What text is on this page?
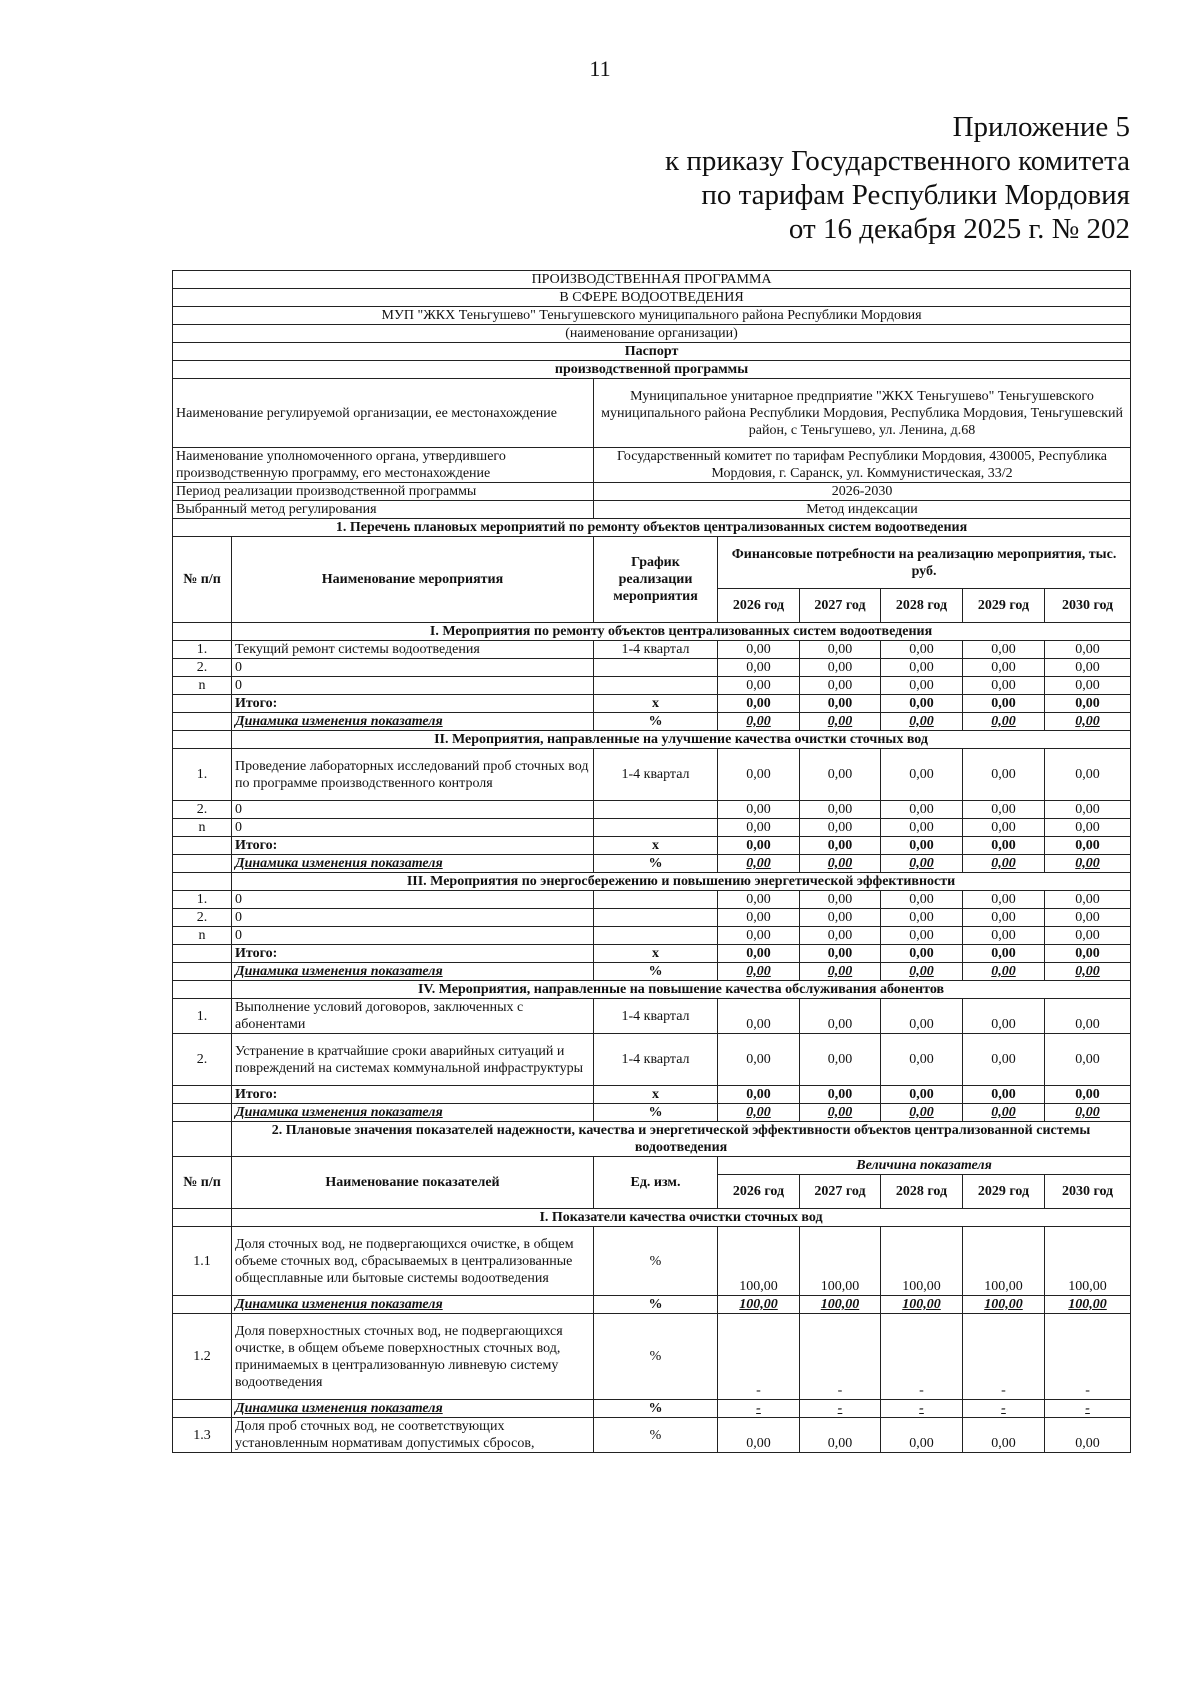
11
Приложение 5
к приказу Государственного комитета
по тарифам Республики Мордовия
от 16 декабря 2025 г. № 202
ПРОИЗВОДСТВЕННАЯ ПРОГРАММА							
В СФЕРЕ ВОДООТВЕДЕНИЯ							
МУП "ЖКХ Теньгушево" Теньгушевского муниципального района Республики Мордовия							
(наименование организации)							
Паспорт							
производственной программы							
Наименование регулируемой организации, ее местонахождение		Муниципальное унитарное предприятие "ЖКХ Теньгушево" Теньгушевского муниципального района Республики Мордовия, Республика Мордовия, Теньгушевский район, с Теньгушево, ул. Ленина, д.68					
Наименование уполномоченного органа, утвердившего производственную программу, его местонахождение		Государственный комитет по тарифам Республики Мордовия, 430005, Республика Мордовия, г. Саранск, ул. Коммунистическая, 33/2					
Период реализации производственной программы		2026-2030					
Выбранный метод регулирования		Метод индексации					
1. Перечень плановых мероприятий по ремонту объектов централизованных систем водоотведения							
№ п/п	Наименование мероприятия	График реализации мероприятия	Финансовые потребности на реализацию мероприятия, тыс. руб.				
			2026 год	2027 год	2028 год	2029 год	2030 год
	I. Мероприятия по ремонту объектов централизованных систем водоотведения						
1.	Текущий ремонт системы водоотведения	1-4 квартал	0,00	0,00	0,00	0,00	0,00
2.	0		0,00	0,00	0,00	0,00	0,00
n	0		0,00	0,00	0,00	0,00	0,00
	Итого:	x	0,00	0,00	0,00	0,00	0,00
	Динамика изменения показателя	%	0,00	0,00	0,00	0,00	0,00
	II. Мероприятия, направленные на улучшение качества очистки сточных вод						
1.	Проведение лабораторных исследований проб сточных вод по программе производственного контроля	1-4 квартал	0,00	0,00	0,00	0,00	0,00
2.	0		0,00	0,00	0,00	0,00	0,00
n	0		0,00	0,00	0,00	0,00	0,00
	Итого:	x	0,00	0,00	0,00	0,00	0,00
	Динамика изменения показателя	%	0,00	0,00	0,00	0,00	0,00
	III. Мероприятия по энергосбережению и повышению энергетической эффективности						
1.	0		0,00	0,00	0,00	0,00	0,00
2.	0		0,00	0,00	0,00	0,00	0,00
n	0		0,00	0,00	0,00	0,00	0,00
	Итого:	x	0,00	0,00	0,00	0,00	0,00
	Динамика изменения показателя	%	0,00	0,00	0,00	0,00	0,00
	IV. Мероприятия, направленные на повышение качества обслуживания абонентов						
1.	Выполнение условий договоров, заключенных с абонентами	1-4 квартал	0,00	0,00	0,00	0,00	0,00
2.	Устранение в кратчайшие сроки аварийных ситуаций и повреждений на системах коммунальной инфраструктуры	1-4 квартал	0,00	0,00	0,00	0,00	0,00
	Итого:	x	0,00	0,00	0,00	0,00	0,00
	Динамика изменения показателя	%	0,00	0,00	0,00	0,00	0,00
	2. Плановые значения показателей надежности, качества и энергетической эффективности объектов централизованной системы водоотведения						
№ п/п	Наименование показателей	Ед. изм.	Величина показателя				
			2026 год	2027 год	2028 год	2029 год	2030 год
	I. Показатели качества очистки сточных вод						
1.1	Доля сточных вод, не подвергающихся очистке, в общем объеме сточных вод, сбрасываемых в централизованные общесплавные или бытовые системы водоотведения	%	100,00	100,00	100,00	100,00	100,00
	Динамика изменения показателя	%	100,00	100,00	100,00	100,00	100,00
1.2	Доля поверхностных сточных вод, не подвергающихся очистке, в общем объеме поверхностных сточных вод, принимаемых в централизованную ливневую систему водоотведения	%	-	-	-	-	-
	Динамика изменения показателя	%	-	-	-	-	-
1.3	Доля проб сточных вод, не соответствующих установленным нормативам допустимых сбросов,	%	0,00	0,00	0,00	0,00	0,00
